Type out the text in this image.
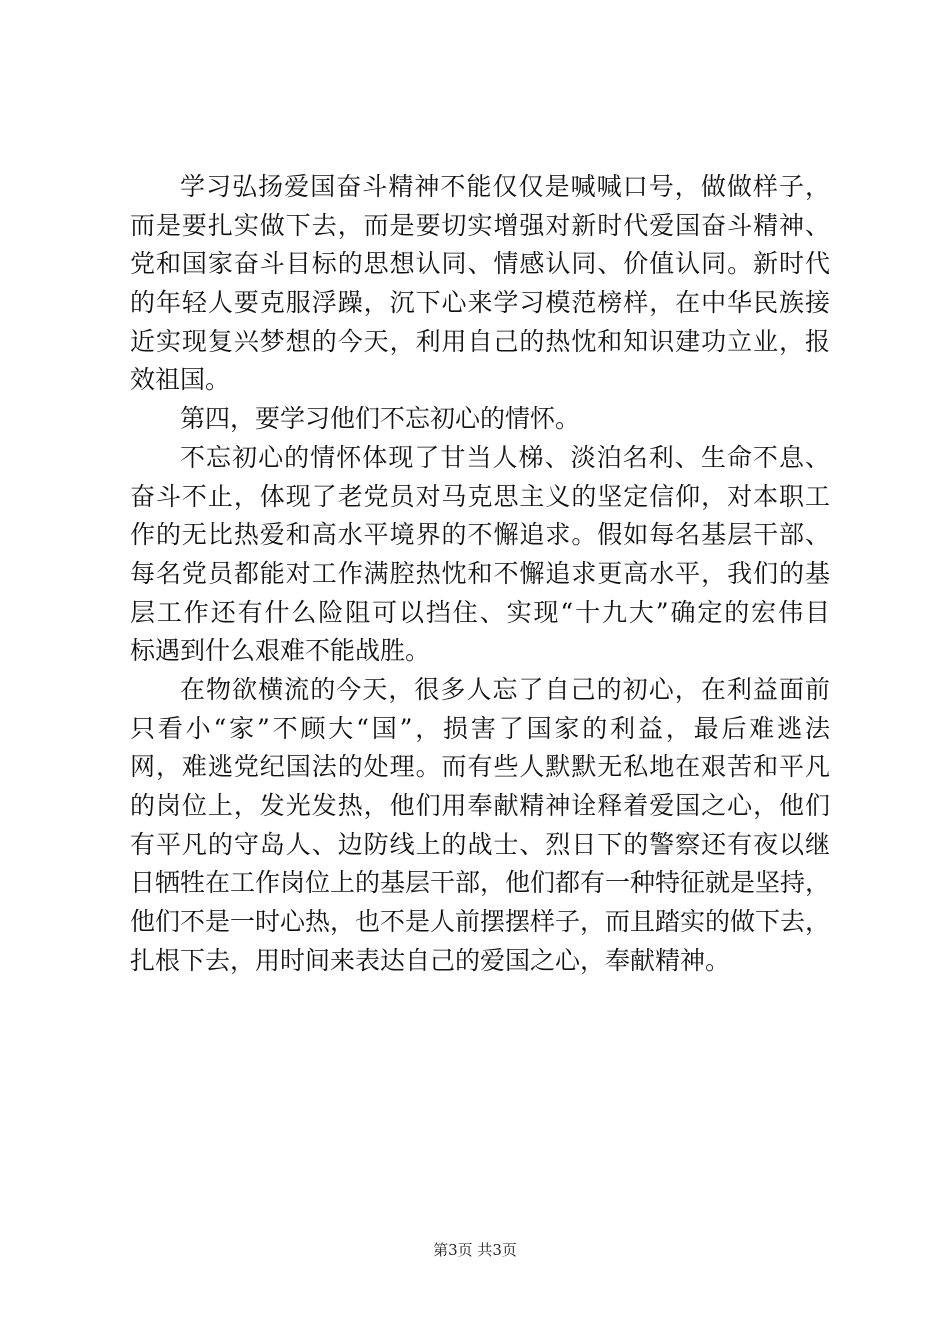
学习弘扬爱国奋斗精神不能仅仅是喊喊口号，做做样子，
而是要扎实做下去，而是要切实增强对新时代爱国奋斗精神、
党和国家奋斗目标的思想认同、情感认同、价值认同。新时代
的年轻人要克服浮躁，沉下心来学习模范榜样，在中华民族接
近实现复兴梦想的今天，利用自己的热忱和知识建功立业，报
效祖国。
第四，要学习他们不忘初心的情怀。
不忘初心的情怀体现了甘当人梯、淡泊名利、生命不息、
奋斗不止，体现了老党员对马克思主义的坚定信仰，对本职工
作的无比热爱和高水平境界的不懈追求。假如每名基层干部、
每名党员都能对工作满腔热忱和不懈追求更高水平，我们的基
层工作还有什么险阻可以挡住、实现“十九大”确定的宏伟目
标遇到什么艰难不能战胜。
在物欲横流的今天，很多人忘了自己的初心，在利益面前
只看小“家”不顾大“国”，损害了国家的利益，最后难逃法
网，难逃党纪国法的处理。而有些人默默无私地在艰苦和平凡
的岗位上，发光发热，他们用奉献精神诠释着爱国之心，他们
有平凡的守岛人、边防线上的战士、烈日下的警察还有夜以继
日牺牲在工作岗位上的基层干部，他们都有一种特征就是坚持，
他们不是一时心热，也不是人前摆摆样子，而且踏实的做下去，
扎根下去，用时间来表达自己的爱国之心，奉献精神。
第3页 共3页
